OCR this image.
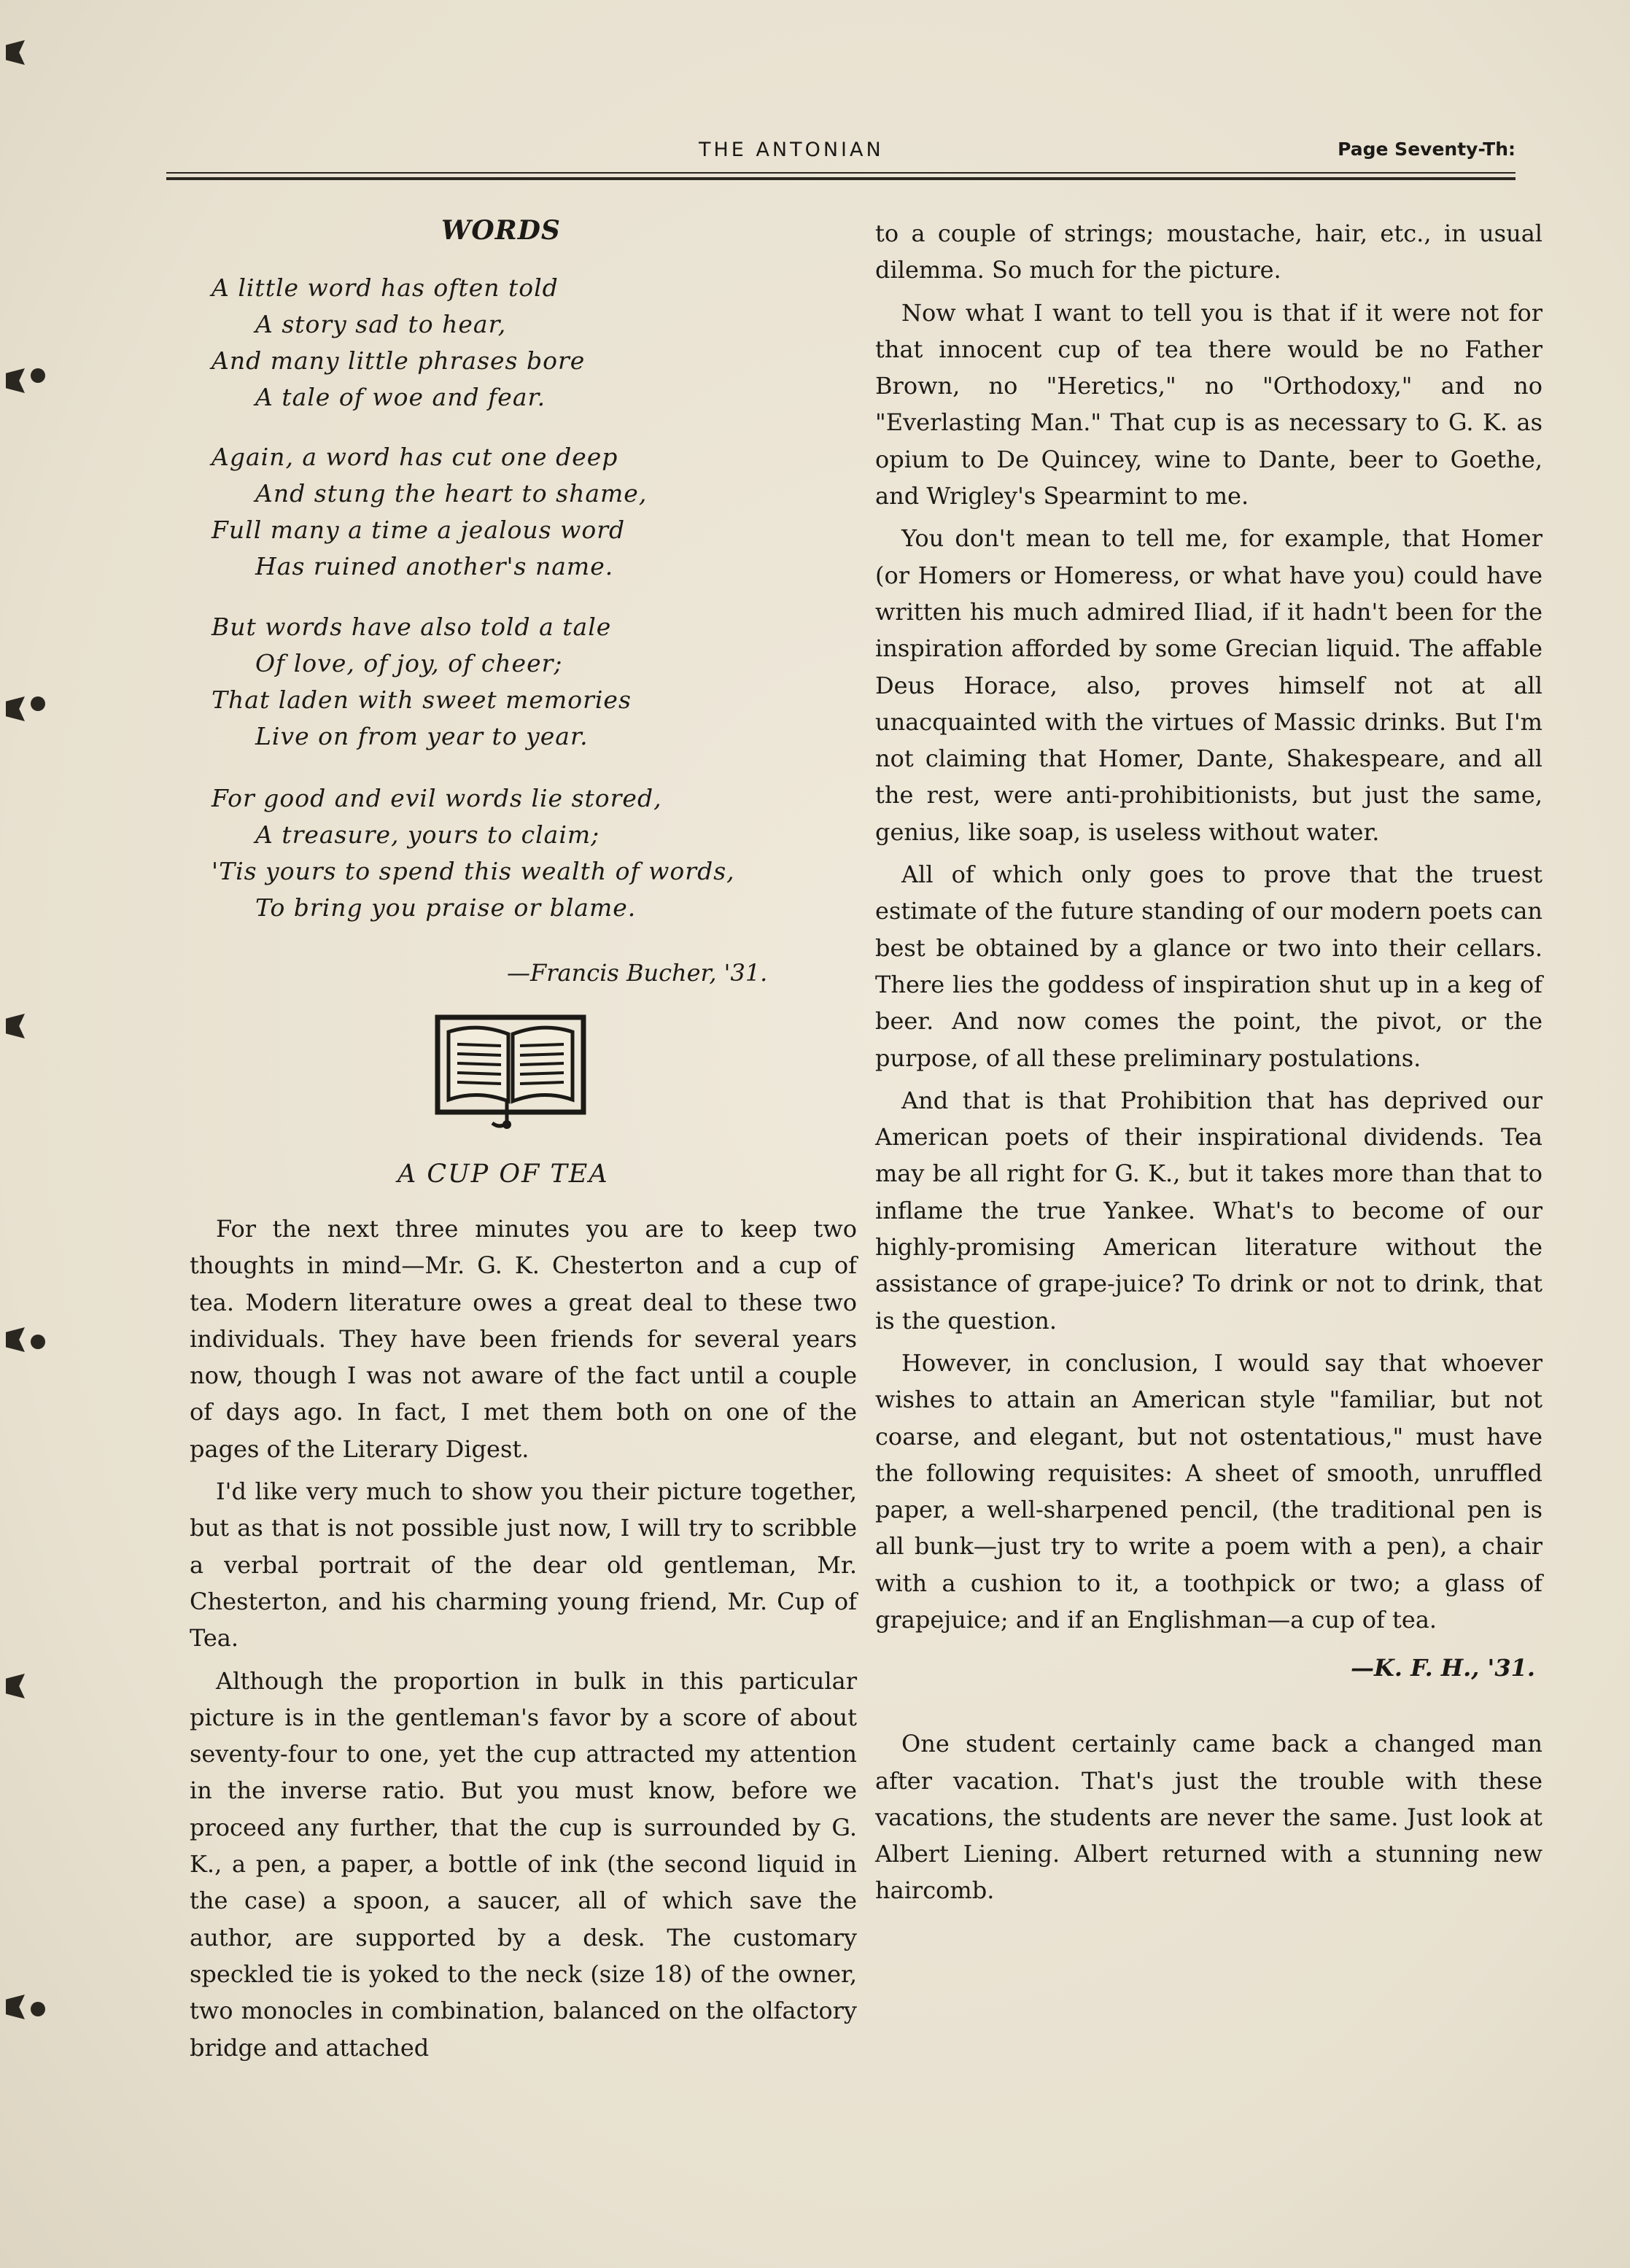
THE ANTONIAN	Page Seventy-Th:
WORDS
A little word has often told
A story sad to hear,
And many little phrases bore
A tale of woe and fear.
Again, a word has cut one deep
And stung the heart to shame,
Full many a time a jealous word
Has ruined another's name.
But words have also told a tale
Of love, of joy, of cheer;
That laden with sweet memories
Live on from year to year.
For good and evil words lie stored,
A treasure, yours to claim;
'Tis yours to spend this wealth of words,
To bring you praise or blame.
—Francis Bucher, '31.
A CUP OF TEA

For the next three minutes you are to keep two thoughts in mind—Mr. G. K. Chesterton and a cup of tea. Modern literature owes a great deal to these two individuals. They have been friends for several years now, though I was not aware of the fact until a couple of days ago. In fact, I met them both on one of the pages of the Literary Digest.

I'd like very much to show you their picture together, but as that is not possible just now, I will try to scribble a verbal portrait of the dear old gentleman, Mr. Chesterton, and his charming young friend, Mr. Cup of Tea.

Although the proportion in bulk in this particular picture is in the gentleman's favor by a score of about seventy-four to one, yet the cup attracted my attention in the inverse ratio. But you must know, before we proceed any further, that the cup is surrounded by G. K., a pen, a paper, a bottle of ink (the second liquid in the case) a spoon, a saucer, all of which save the author, are supported by a desk. The customary speckled tie is yoked to the neck (size 18) of the owner, two monocles in combination, balanced on the olfactory bridge and attached

to a couple of strings; moustache, hair, etc., in usual dilemma. So much for the picture.

Now what I want to tell you is that if it were not for that innocent cup of tea there would be no Father Brown, no "Heretics," no "Orthodoxy," and no "Everlasting Man." That cup is as necessary to G. K. as opium to De Quincey, wine to Dante, beer to Goethe, and Wrigley's Spearmint to me.

You don't mean to tell me, for example, that Homer (or Homers or Homeress, or what have you) could have written his much admired Iliad, if it hadn't been for the inspiration afforded by some Grecian liquid. The affable Deus Horace, also, proves himself not at all unacquainted with the virtues of Massic drinks. But I'm not claiming that Homer, Dante, Shakespeare, and all the rest, were anti-prohibitionists, but just the same, genius, like soap, is useless without water.

All of which only goes to prove that the truest estimate of the future standing of our modern poets can best be obtained by a glance or two into their cellars. There lies the goddess of inspiration shut up in a keg of beer. And now comes the point, the pivot, or the purpose, of all these preliminary postulations.

And that is that Prohibition that has deprived our American poets of their inspirational dividends. Tea may be all right for G. K., but it takes more than that to inflame the true Yankee. What's to become of our highly-promising American literature without the assistance of grape-juice? To drink or not to drink, that is the question.

However, in conclusion, I would say that whoever wishes to attain an American style "familiar, but not coarse, and elegant, but not ostentatious," must have the following requisites: A sheet of smooth, unruffled paper, a well-sharpened pencil, (the traditional pen is all bunk—just try to write a poem with a pen), a chair with a cushion to it, a toothpick or two; a glass of grapejuice; and if an Englishman—a cup of tea.

—K. F. H., '31.

One student certainly came back a changed man after vacation. That's just the trouble with these vacations, the students are never the same. Just look at Albert Liening. Albert returned with a stunning new haircomb.
